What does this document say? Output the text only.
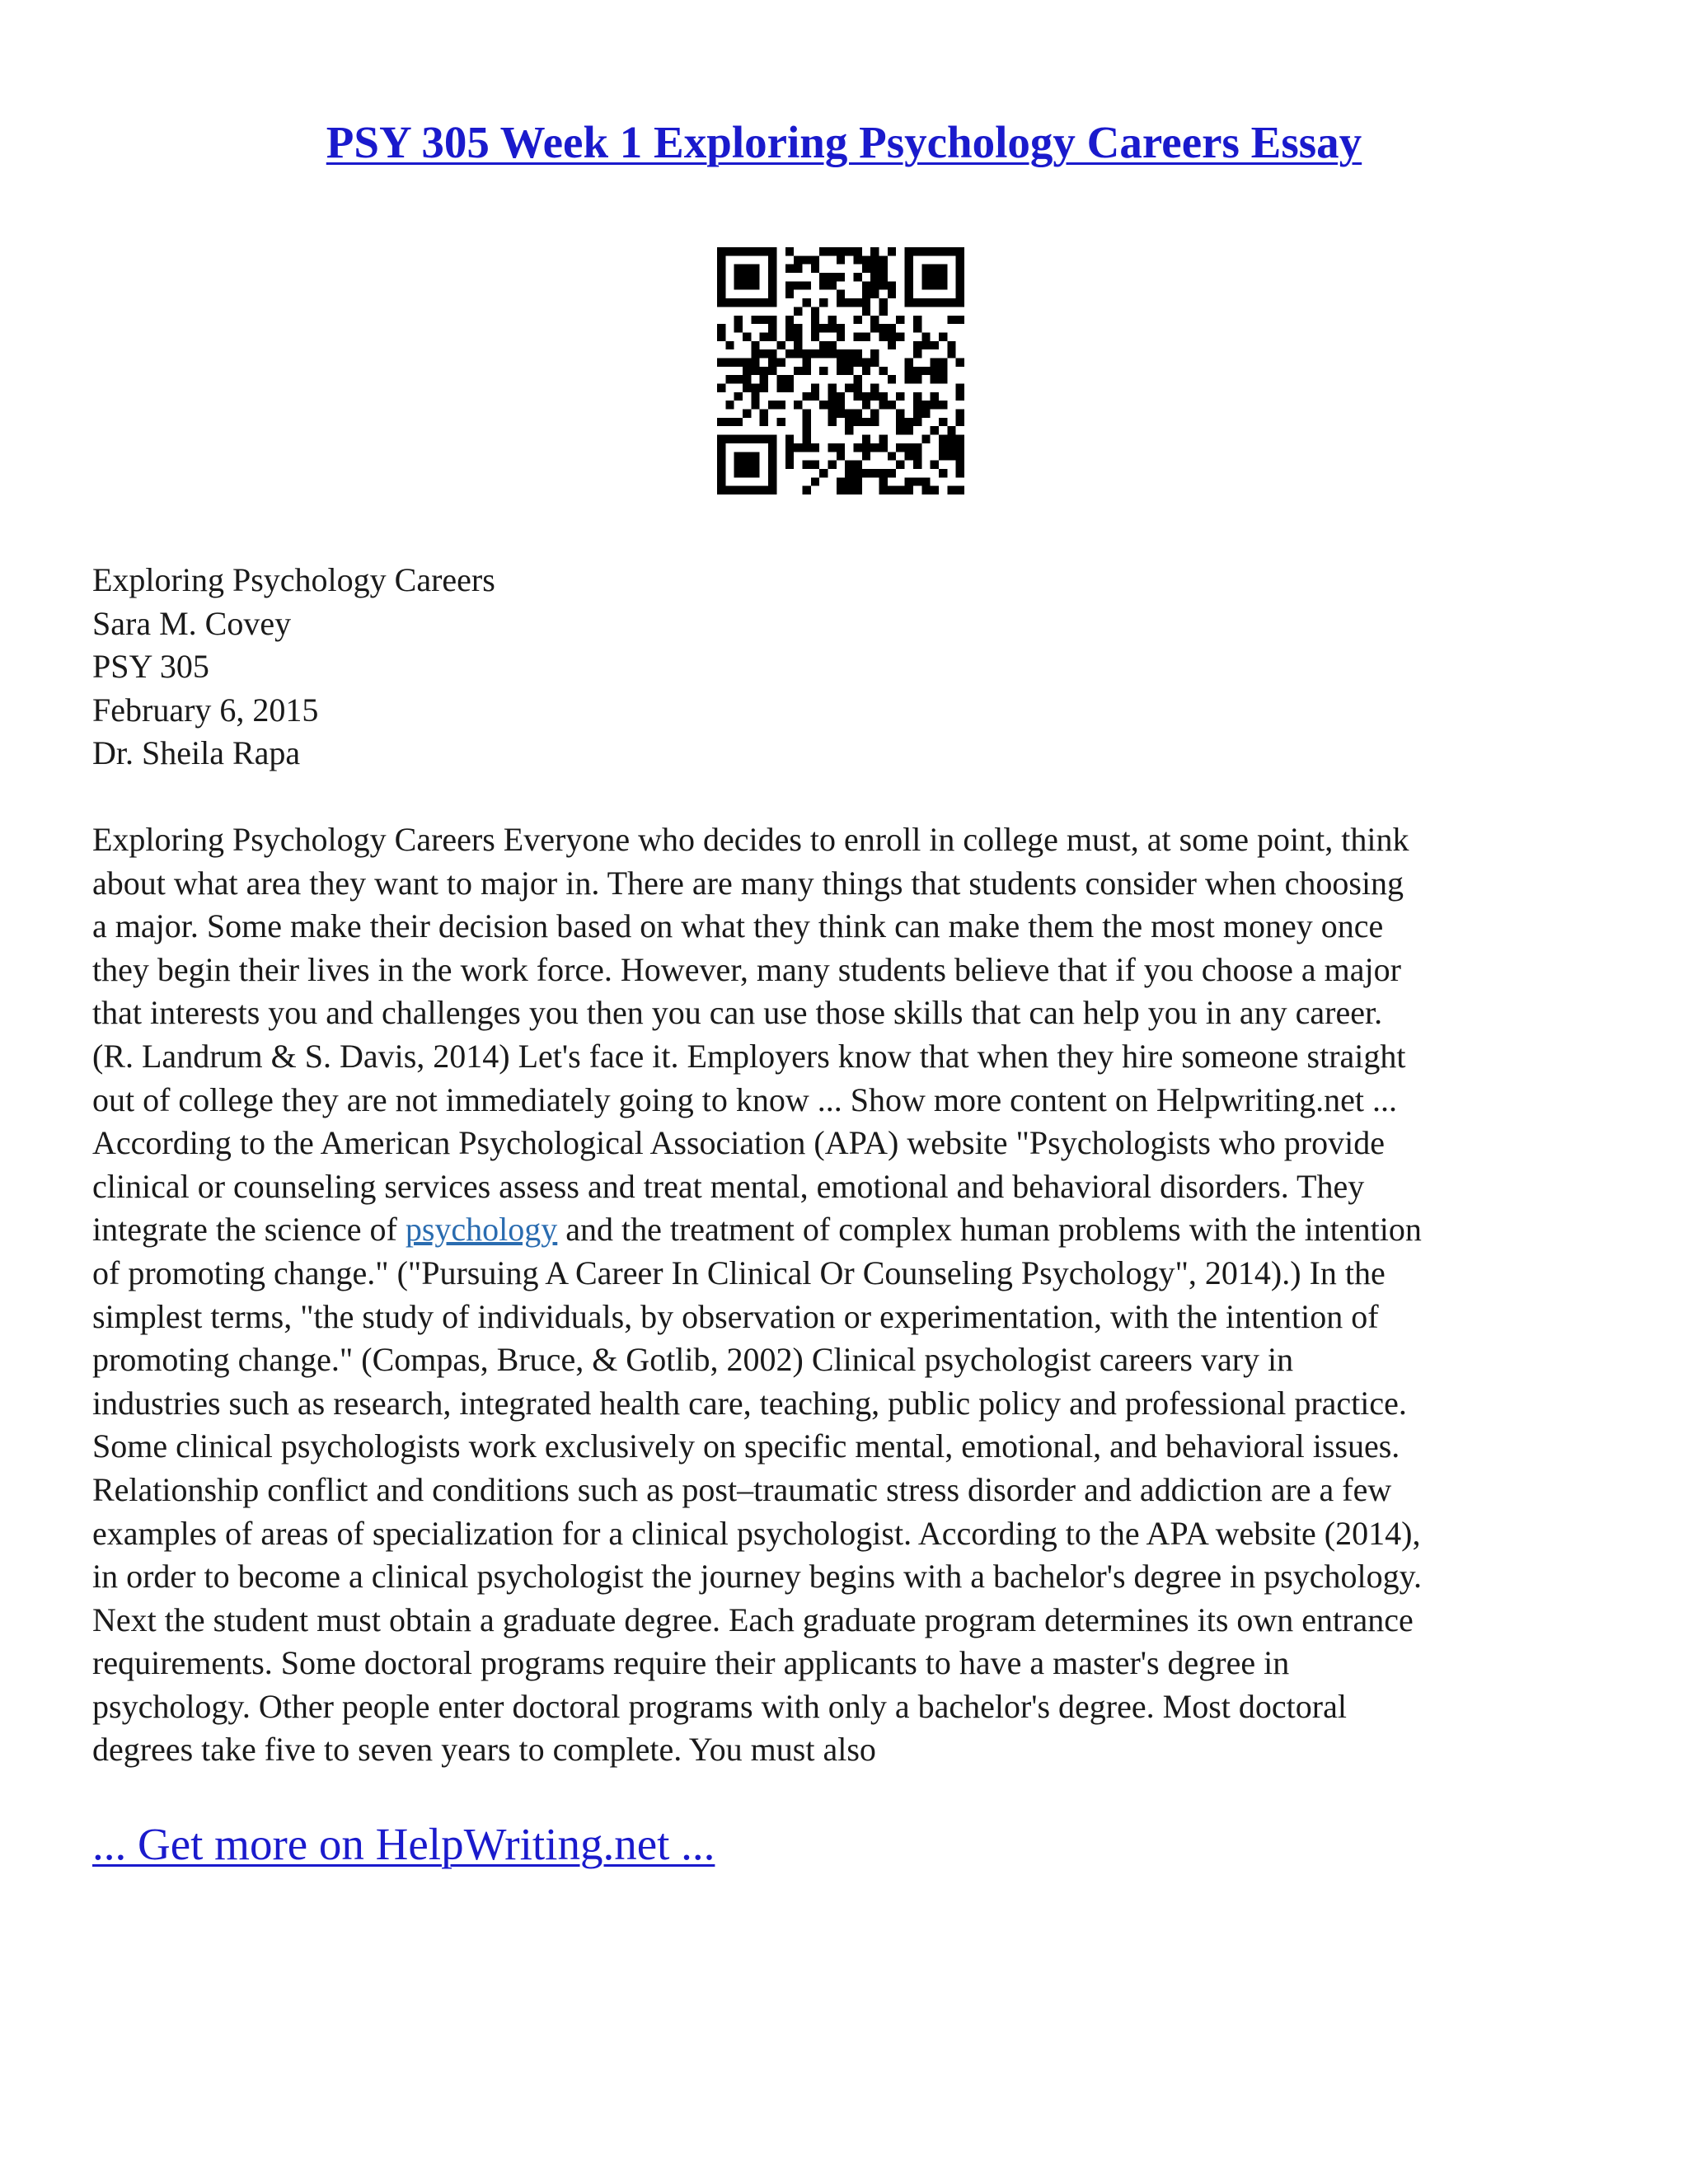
PSY 305 Week 1 Exploring Psychology Careers Essay
Exploring Psychology Careers
Sara M. Covey
PSY 305
February 6, 2015
Dr. Sheila Rapa
Exploring Psychology Careers Everyone who decides to enroll in college must, at some point, think
about what area they want to major in. There are many things that students consider when choosing
a major. Some make their decision based on what they think can make them the most money once
they begin their lives in the work force. However, many students believe that if you choose a major
that interests you and challenges you then you can use those skills that can help you in any career.
(R. Landrum & S. Davis, 2014) Let's face it. Employers know that when they hire someone straight
out of college they are not immediately going to know ... Show more content on Helpwriting.net ...
According to the American Psychological Association (APA) website "Psychologists who provide
clinical or counseling services assess and treat mental, emotional and behavioral disorders. They
integrate the science of psychology and the treatment of complex human problems with the intention
of promoting change." ("Pursuing A Career In Clinical Or Counseling Psychology", 2014).) In the
simplest terms, "the study of individuals, by observation or experimentation, with the intention of
promoting change." (Compas, Bruce, & Gotlib, 2002) Clinical psychologist careers vary in
industries such as research, integrated health care, teaching, public policy and professional practice.
Some clinical psychologists work exclusively on specific mental, emotional, and behavioral issues.
Relationship conflict and conditions such as post–traumatic stress disorder and addiction are a few
examples of areas of specialization for a clinical psychologist. According to the APA website (2014),
in order to become a clinical psychologist the journey begins with a bachelor's degree in psychology.
Next the student must obtain a graduate degree. Each graduate program determines its own entrance
requirements. Some doctoral programs require their applicants to have a master's degree in
psychology. Other people enter doctoral programs with only a bachelor's degree. Most doctoral
degrees take five to seven years to complete. You must also
... Get more on HelpWriting.net ...
